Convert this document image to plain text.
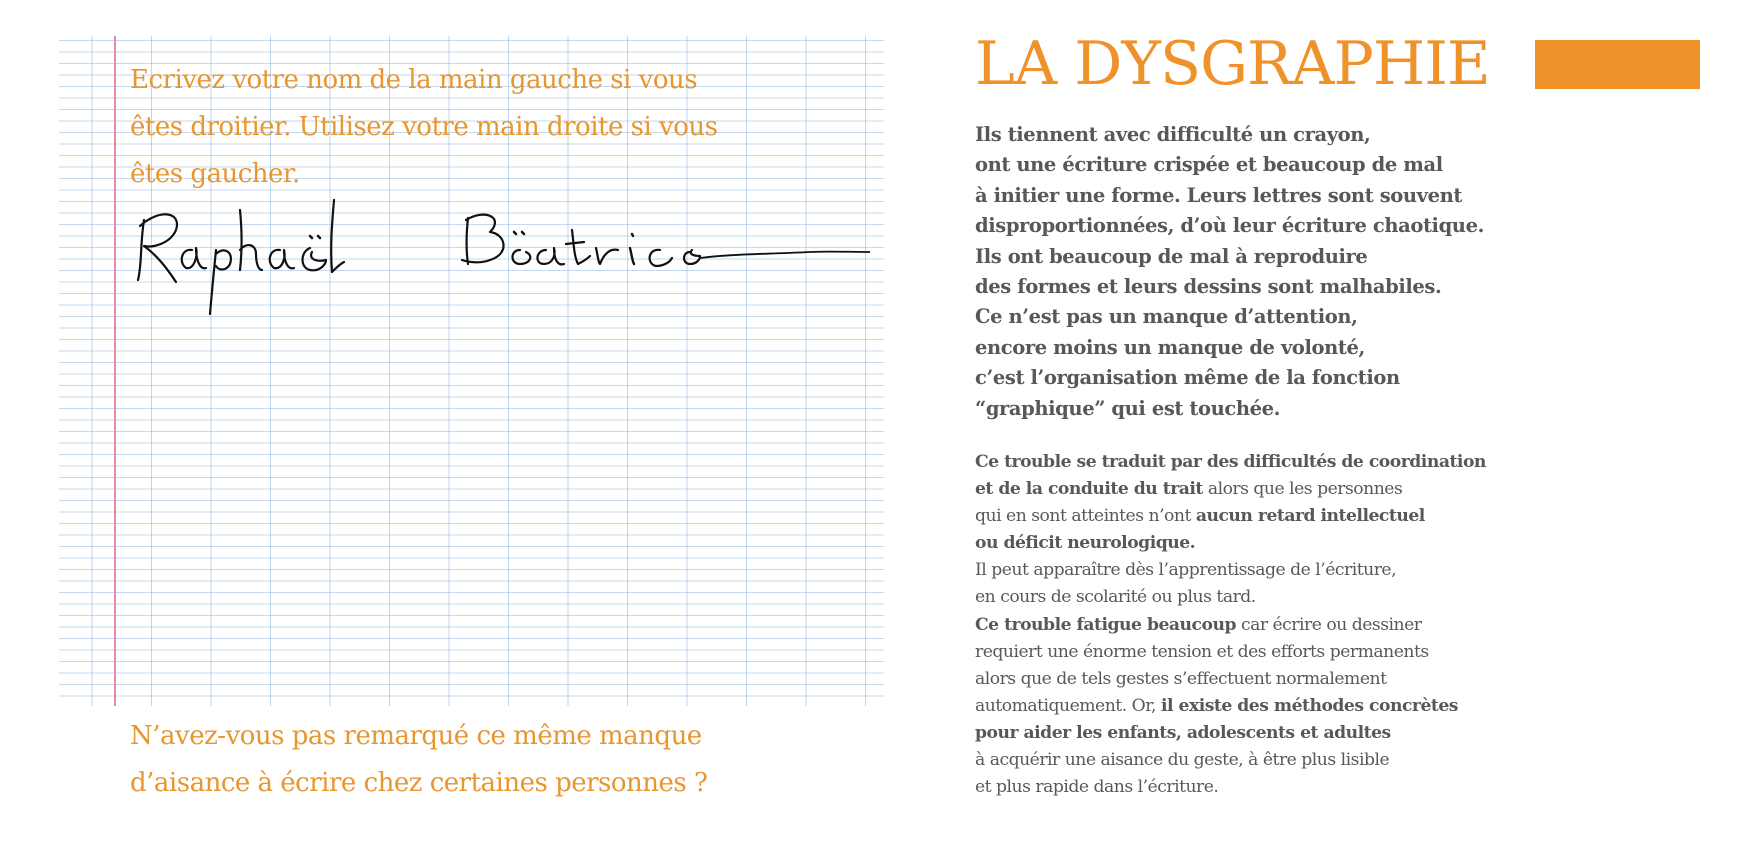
Ecrivez votre nom de la main gauche si vous
êtes droitier. Utilisez votre main droite si vous
êtes gaucher.
N’avez-vous pas remarqué ce même manque
d’aisance à écrire chez certaines personnes ?
LA DYSGRAPHIE

Ils tiennent avec difficulté un crayon,
ont une écriture crispée et beaucoup de mal
à initier une forme. Leurs lettres sont souvent
disproportionnées, d’où leur écriture chaotique.
Ils ont beaucoup de mal à reproduire
des formes et leurs dessins sont malhabiles.
Ce n’est pas un manque d’attention,
encore moins un manque de volonté,
c’est l’organisation même de la fonction
“graphique” qui est touchée.

Ce trouble se traduit par des difficultés de coordination
et de la conduite du trait alors que les personnes
qui en sont atteintes n’ont aucun retard intellectuel
ou déficit neurologique.
Il peut apparaître dès l’apprentissage de l’écriture,
en cours de scolarité ou plus tard.
Ce trouble fatigue beaucoup car écrire ou dessiner
requiert une énorme tension et des efforts permanents
alors que de tels gestes s’effectuent normalement
automatiquement. Or, il existe des méthodes concrètes
pour aider les enfants, adolescents et adultes
à acquérir une aisance du geste, à être plus lisible
et plus rapide dans l’écriture.
